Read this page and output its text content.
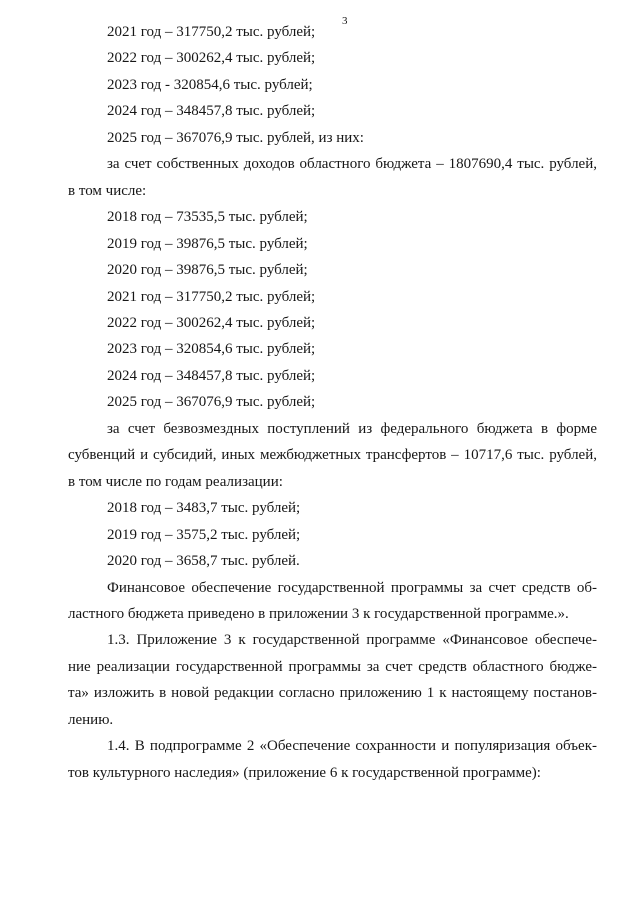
3
2021 год – 317750,2 тыс. рублей;
2022 год – 300262,4 тыс. рублей;
2023 год - 320854,6 тыс. рублей;
2024 год – 348457,8 тыс. рублей;
2025 год – 367076,9 тыс. рублей, из них:
за счет собственных доходов областного бюджета – 1807690,4 тыс. рублей,
в том числе:
2018 год – 73535,5 тыс. рублей;
2019 год – 39876,5 тыс. рублей;
2020 год – 39876,5 тыс. рублей;
2021 год – 317750,2 тыс. рублей;
2022 год – 300262,4 тыс. рублей;
2023 год – 320854,6 тыс. рублей;
2024 год – 348457,8 тыс. рублей;
2025 год – 367076,9 тыс. рублей;
за счет безвозмездных поступлений из федерального бюджета в форме
субвенций и субсидий, иных межбюджетных трансфертов – 10717,6 тыс. рублей,
в том числе по годам реализации:
2018 год – 3483,7 тыс. рублей;
2019 год – 3575,2 тыс. рублей;
2020 год – 3658,7 тыс. рублей.
Финансовое обеспечение государственной программы за счет средств об-
ластного бюджета приведено в приложении 3 к государственной программе.».
1.3. Приложение 3 к государственной программе «Финансовое обеспече-
ние реализации государственной программы за счет средств областного бюдже-
та» изложить в новой редакции согласно приложению 1 к настоящему постанов-
лению.
1.4. В подпрограмме 2 «Обеспечение сохранности и популяризация объек-
тов культурного наследия» (приложение 6 к государственной программе):
